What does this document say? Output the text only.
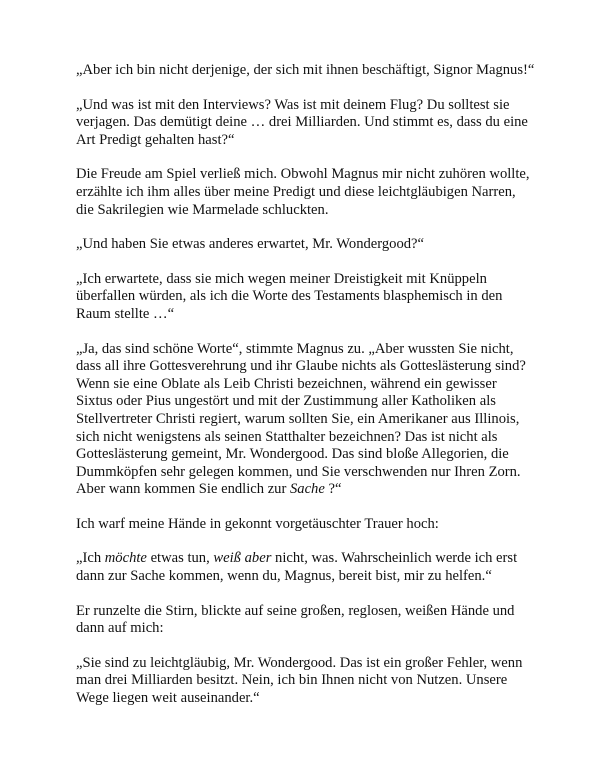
„Aber ich bin nicht derjenige, der sich mit ihnen beschäftigt, Signor Magnus!“

„Und was ist mit den Interviews? Was ist mit deinem Flug? Du solltest sie verjagen. Das demütigt deine … drei Milliarden. Und stimmt es, dass du eine Art Predigt gehalten hast?“

Die Freude am Spiel verließ mich. Obwohl Magnus mir nicht zuhören wollte, erzählte ich ihm alles über meine Predigt und diese leichtgläubigen Narren, die Sakrilegien wie Marmelade schluckten.

„Und haben Sie etwas anderes erwartet, Mr. Wondergood?“

„Ich erwartete, dass sie mich wegen meiner Dreistigkeit mit Knüppeln überfallen würden, als ich die Worte des Testaments blasphemisch in den Raum stellte …“

„Ja, das sind schöne Worte“, stimmte Magnus zu. „Aber wussten Sie nicht, dass all ihre Gottesverehrung und ihr Glaube nichts als Gotteslästerung sind? Wenn sie eine Oblate als Leib Christi bezeichnen, während ein gewisser Sixtus oder Pius ungestört und mit der Zustimmung aller Katholiken als Stellvertreter Christi regiert, warum sollten Sie, ein Amerikaner aus Illinois, sich nicht wenigstens als seinen Statthalter bezeichnen? Das ist nicht als Gotteslästerung gemeint, Mr. Wondergood. Das sind bloße Allegorien, die Dummköpfen sehr gelegen kommen, und Sie verschwenden nur Ihren Zorn. Aber wann kommen Sie endlich zur Sache ?“

Ich warf meine Hände in gekonnt vorgetäuschter Trauer hoch:

„Ich möchte etwas tun, weiß aber nicht, was. Wahrscheinlich werde ich erst dann zur Sache kommen, wenn du, Magnus, bereit bist, mir zu helfen.“

Er runzelte die Stirn, blickte auf seine großen, reglosen, weißen Hände und dann auf mich:

„Sie sind zu leichtgläubig, Mr. Wondergood. Das ist ein großer Fehler, wenn man drei Milliarden besitzt. Nein, ich bin Ihnen nicht von Nutzen. Unsere Wege liegen weit auseinander.“
